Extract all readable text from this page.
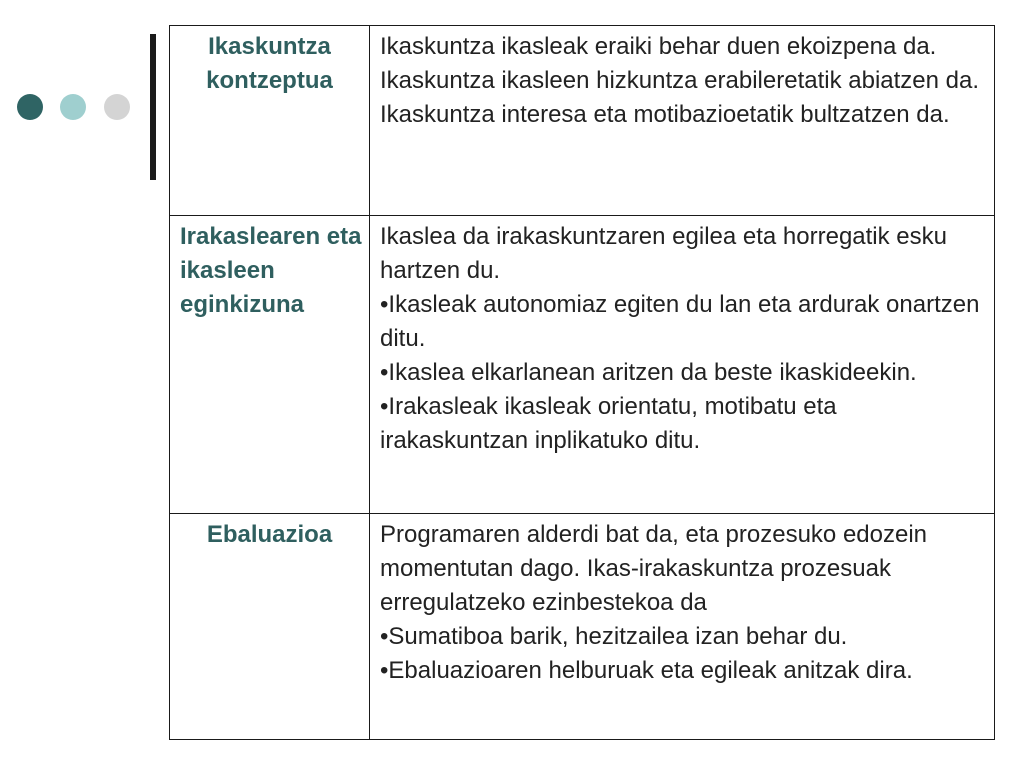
Ikaskuntza kontzeptua	Ikaskuntza ikasleak eraiki behar duen ekoizpena da.
Ikaskuntza ikasleen hizkuntza erabileretatik abiatzen da. Ikaskuntza interesa eta motibazioetatik bultzatzen da.

Irakaslearen eta ikasleen eginkizuna	Ikaslea da irakaskuntzaren egilea eta horregatik esku hartzen du.
•Ikasleak autonomiaz egiten du lan eta ardurak onartzen ditu.
•Ikaslea elkarlanean aritzen da beste ikaskideekin.
•Irakasleak ikasleak orientatu, motibatu eta irakaskuntzan inplikatuko ditu.

Ebaluazioa	Programaren alderdi bat da, eta prozesuko edozein momentutan dago. Ikas-irakaskuntza prozesuak erregulatzeko ezinbestekoa da
•Sumatiboa barik, hezitzailea izan behar du.
•Ebaluazioaren helburuak eta egileak anitzak dira.
